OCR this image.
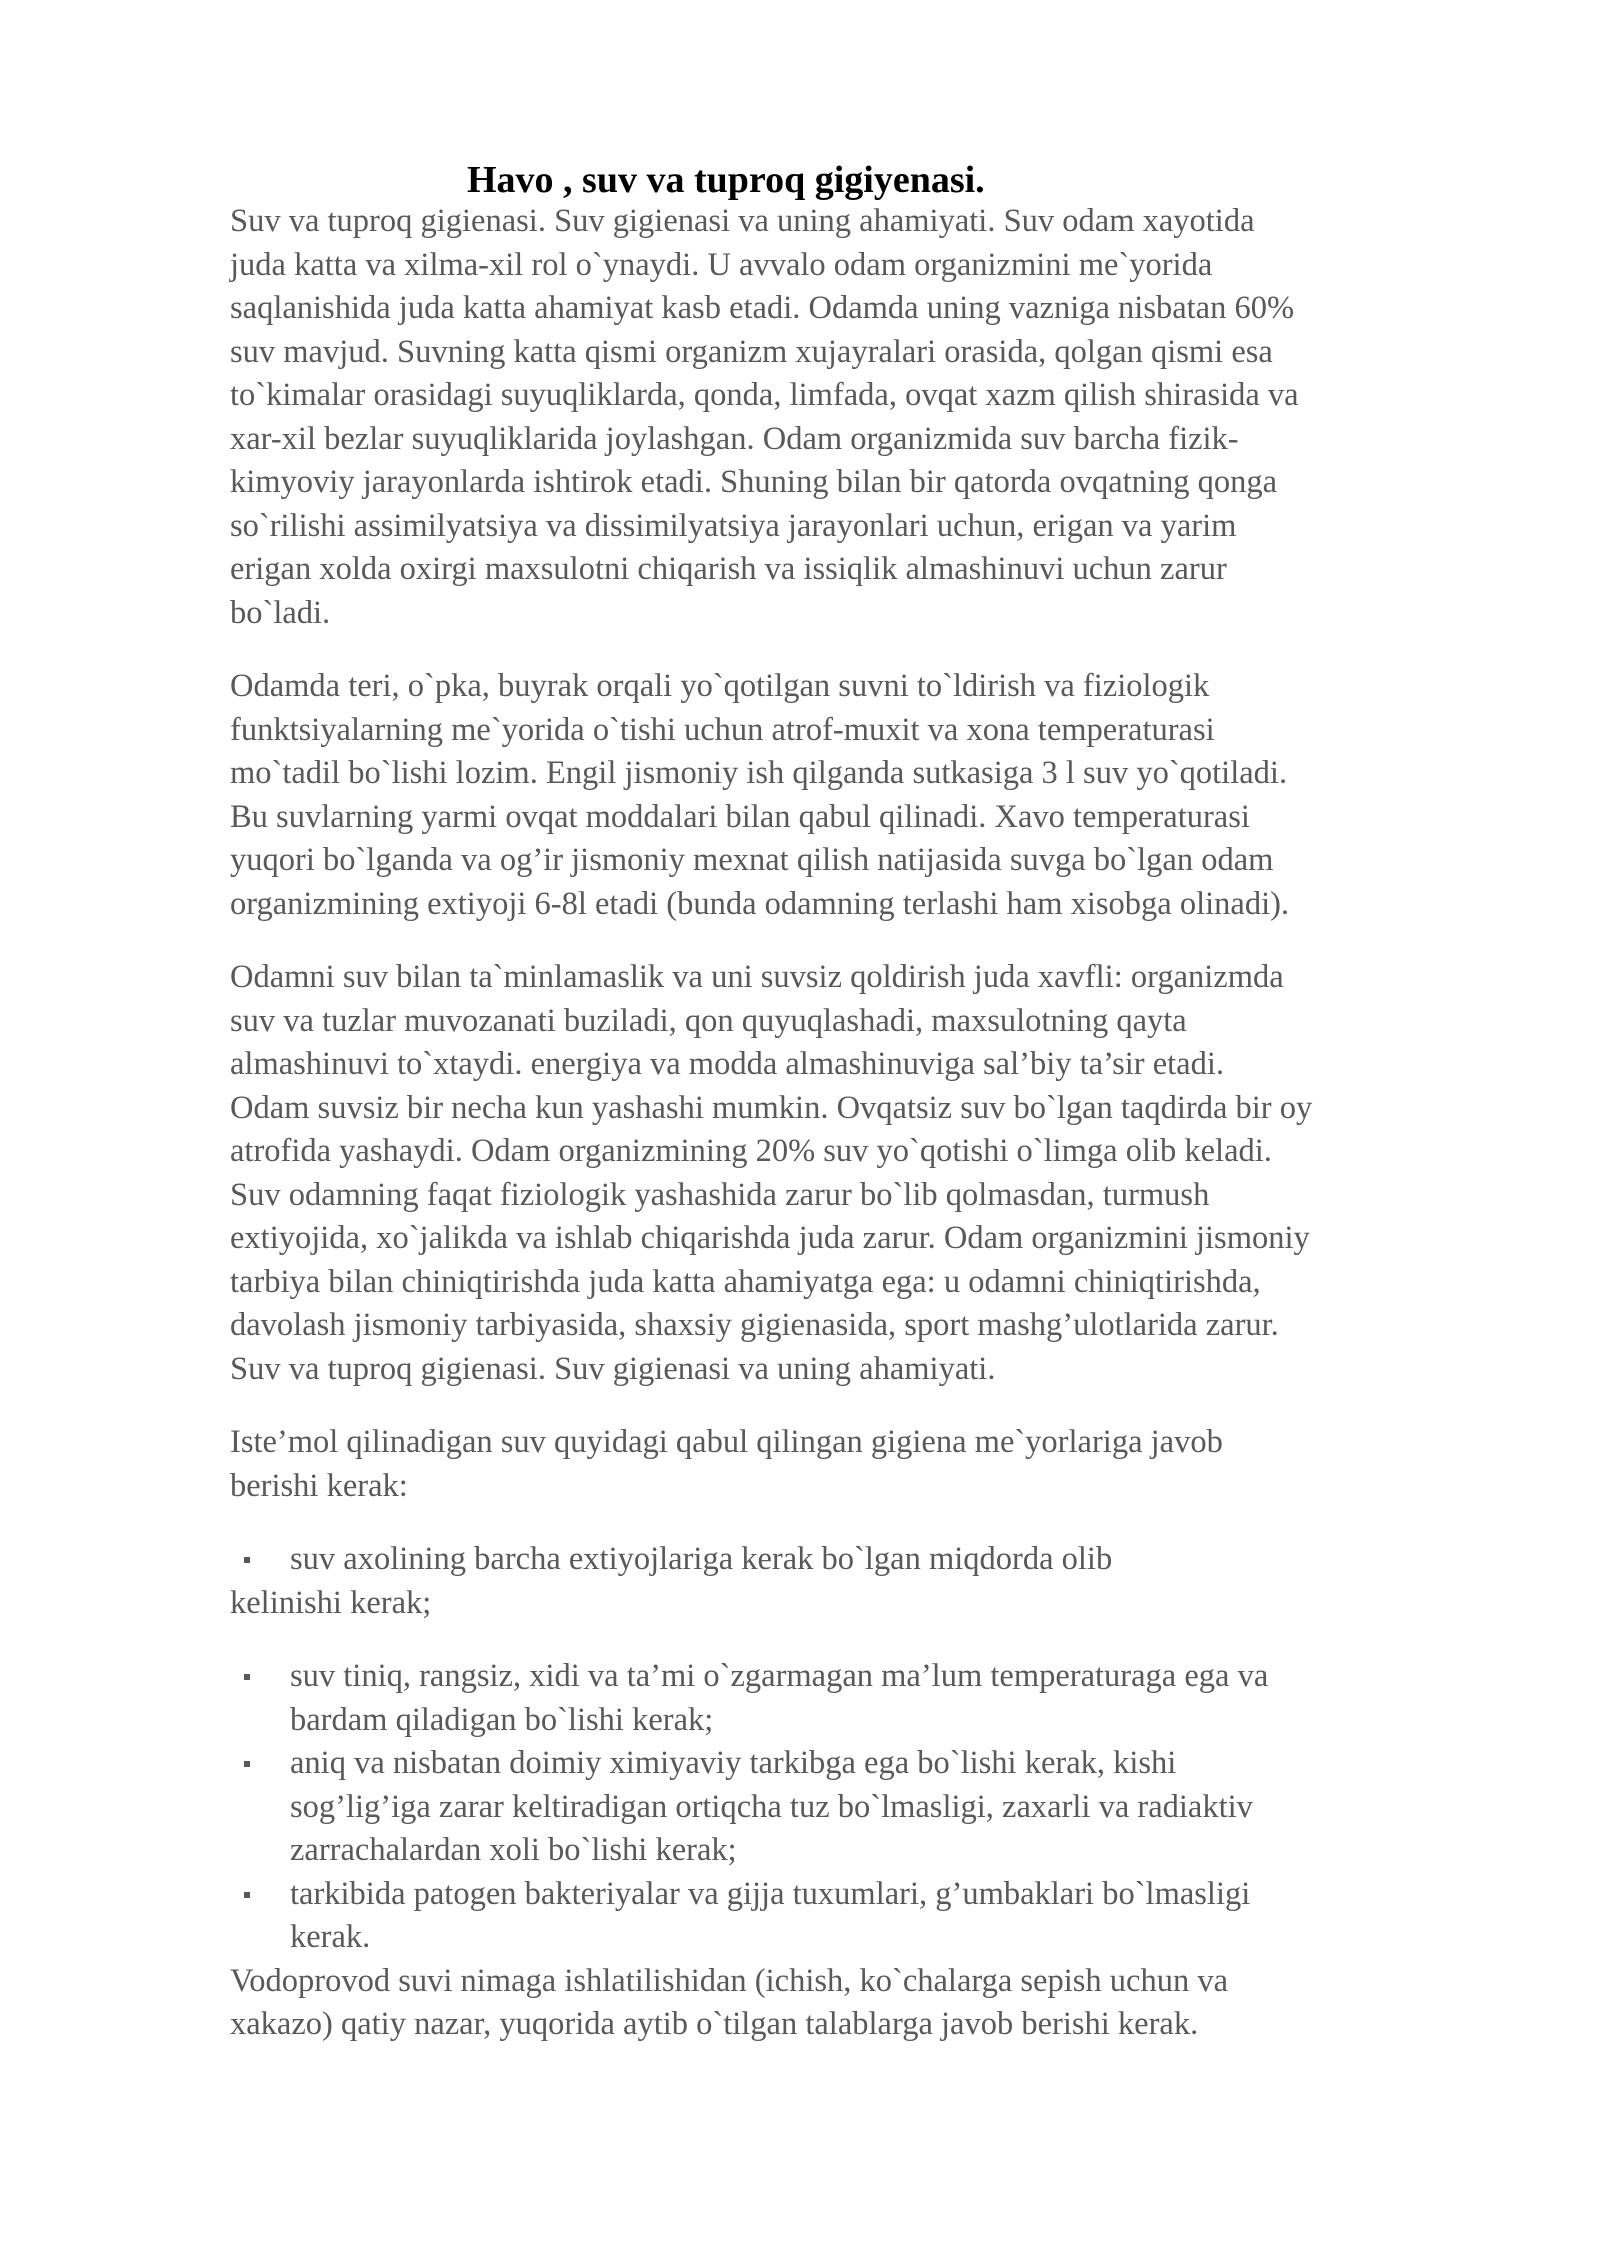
Havo , suv va tuproq gigiyenasi.

Suv va tuproq gigienasi. Suv gigienasi va uning ahamiyati. Suv odam xayotida
juda katta va xilma-xil rol o`ynaydi. U avvalo odam organizmini me`yorida
saqlanishida juda katta ahamiyat kasb etadi. Odamda uning vazniga nisbatan 60%
suv mavjud. Suvning katta qismi organizm xujayralari orasida, qolgan qismi esa
to`kimalar orasidagi suyuqliklarda, qonda, limfada, ovqat xazm qilish shirasida va
xar-xil bezlar suyuqliklarida joylashgan. Odam organizmida suv barcha fizik-
kimyoviy jarayonlarda ishtirok etadi. Shuning bilan bir qatorda ovqatning qonga
so`rilishi assimilyatsiya va dissimilyatsiya jarayonlari uchun, erigan va yarim
erigan xolda oxirgi maxsulotni chiqarish va issiqlik almashinuvi uchun zarur
bo`ladi.

Odamda teri, o`pka, buyrak orqali yo`qotilgan suvni to`ldirish va fiziologik
funktsiyalarning me`yorida o`tishi uchun atrof-muxit va xona temperaturasi
mo`tadil bo`lishi lozim. Engil jismoniy ish qilganda sutkasiga 3 l suv yo`qotiladi.
Bu suvlarning yarmi ovqat moddalari bilan qabul qilinadi. Xavo temperaturasi
yuqori bo`lganda va og’ir jismoniy mexnat qilish natijasida suvga bo`lgan odam
organizmining extiyoji 6-8l etadi (bunda odamning terlashi ham xisobga olinadi).

Odamni suv bilan ta`minlamaslik va uni suvsiz qoldirish juda xavfli: organizmda
suv va tuzlar muvozanati buziladi, qon quyuqlashadi, maxsulotning qayta
almashinuvi to`xtaydi. energiya va modda almashinuviga sal’biy ta’sir etadi.
Odam suvsiz bir necha kun yashashi mumkin. Ovqatsiz suv bo`lgan taqdirda bir oy
atrofida yashaydi. Odam organizmining 20% suv yo`qotishi o`limga olib keladi.
Suv odamning faqat fiziologik yashashida zarur bo`lib qolmasdan, turmush
extiyojida, xo`jalikda va ishlab chiqarishda juda zarur. Odam organizmini jismoniy
tarbiya bilan chiniqtirishda juda katta ahamiyatga ega: u odamni chiniqtirishda,
davolash jismoniy tarbiyasida, shaxsiy gigienasida, sport mashg’ulotlarida zarur.
Suv va tuproq gigienasi. Suv gigienasi va uning ahamiyati.

Iste’mol qilinadigan suv quyidagi qabul qilingan gigiena me`yorlariga javob
berishi kerak:

suv axolining barcha extiyojlariga kerak bo`lgan miqdorda olib
kelinishi kerak;
suv tiniq, rangsiz, xidi va ta’mi o`zgarmagan ma’lum temperaturaga ega va
bardam qiladigan bo`lishi kerak;
aniq va nisbatan doimiy ximiyaviy tarkibga ega bo`lishi kerak, kishi
sog’lig’iga zarar keltiradigan ortiqcha tuz bo`lmasligi, zaxarli va radiaktiv
zarrachalardan xoli bo`lishi kerak;
tarkibida patogen bakteriyalar va gijja tuxumlari, g’umbaklari bo`lmasligi
kerak.

Vodoprovod suvi nimaga ishlatilishidan (ichish, ko`chalarga sepish uchun va
xakazo) qatiy nazar, yuqorida aytib o`tilgan talablarga javob berishi kerak.
